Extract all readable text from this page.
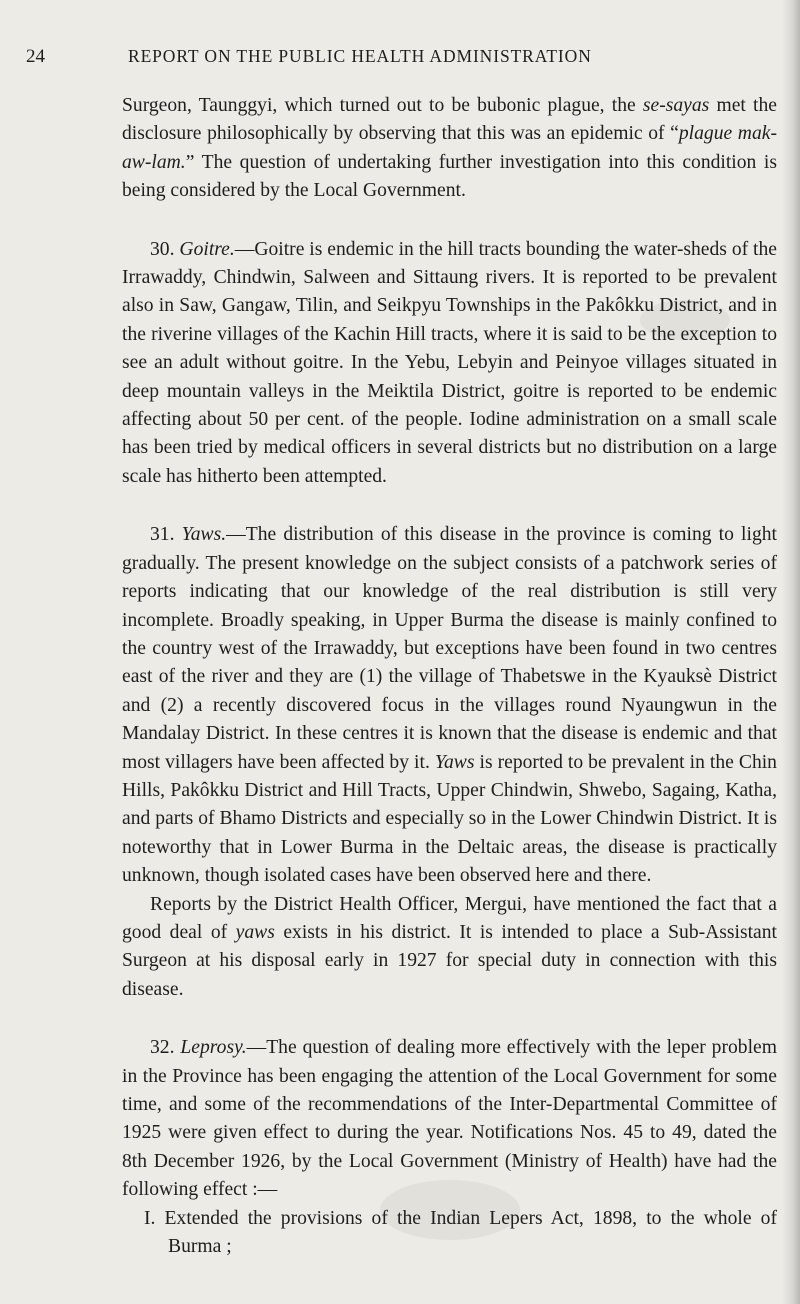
24	REPORT ON THE PUBLIC HEALTH ADMINISTRATION

Surgeon, Taunggyi, which turned out to be bubonic plague, the se-sayas met the disclosure philosophically by observing that this was an epidemic of “plague mak-aw-lam.” The question of undertaking further investigation into this condition is being considered by the Local Government.

30. Goitre.—Goitre is endemic in the hill tracts bounding the water-sheds of the Irrawaddy, Chindwin, Salween and Sittaung rivers. It is reported to be prevalent also in Saw, Gangaw, Tilin, and Seikpyu Townships in the Pakôkku District, and in the riverine villages of the Kachin Hill tracts, where it is said to be the exception to see an adult without goitre. In the Yebu, Lebyin and Peinyoe villages situated in deep mountain valleys in the Meiktila District, goitre is reported to be endemic affecting about 50 per cent. of the people. Iodine administration on a small scale has been tried by medical officers in several districts but no distribution on a large scale has hitherto been attempted.

31. Yaws.—The distribution of this disease in the province is coming to light gradually. The present knowledge on the subject consists of a patchwork series of reports indicating that our knowledge of the real distribution is still very incomplete. Broadly speaking, in Upper Burma the disease is mainly confined to the country west of the Irrawaddy, but exceptions have been found in two centres east of the river and they are (1) the village of Thabetswe in the Kyauksè District and (2) a recently discovered focus in the villages round Nyaungwun in the Mandalay District. In these centres it is known that the disease is endemic and that most villagers have been affected by it. Yaws is reported to be prevalent in the Chin Hills, Pakôkku District and Hill Tracts, Upper Chindwin, Shwebo, Sagaing, Katha, and parts of Bhamo Districts and especially so in the Lower Chindwin District. It is noteworthy that in Lower Burma in the Deltaic areas, the disease is practically unknown, though isolated cases have been observed here and there.

Reports by the District Health Officer, Mergui, have mentioned the fact that a good deal of yaws exists in his district. It is intended to place a Sub-Assistant Surgeon at his disposal early in 1927 for special duty in connection with this disease.

32. Leprosy.—The question of dealing more effectively with the leper problem in the Province has been engaging the attention of the Local Government for some time, and some of the recommendations of the Inter-Departmental Committee of 1925 were given effect to during the year. Notifications Nos. 45 to 49, dated the 8th December 1926, by the Local Government (Ministry of Health) have had the following effect :—

I. Extended the provisions of the Indian Lepers Act, 1898, to the whole of Burma ;
